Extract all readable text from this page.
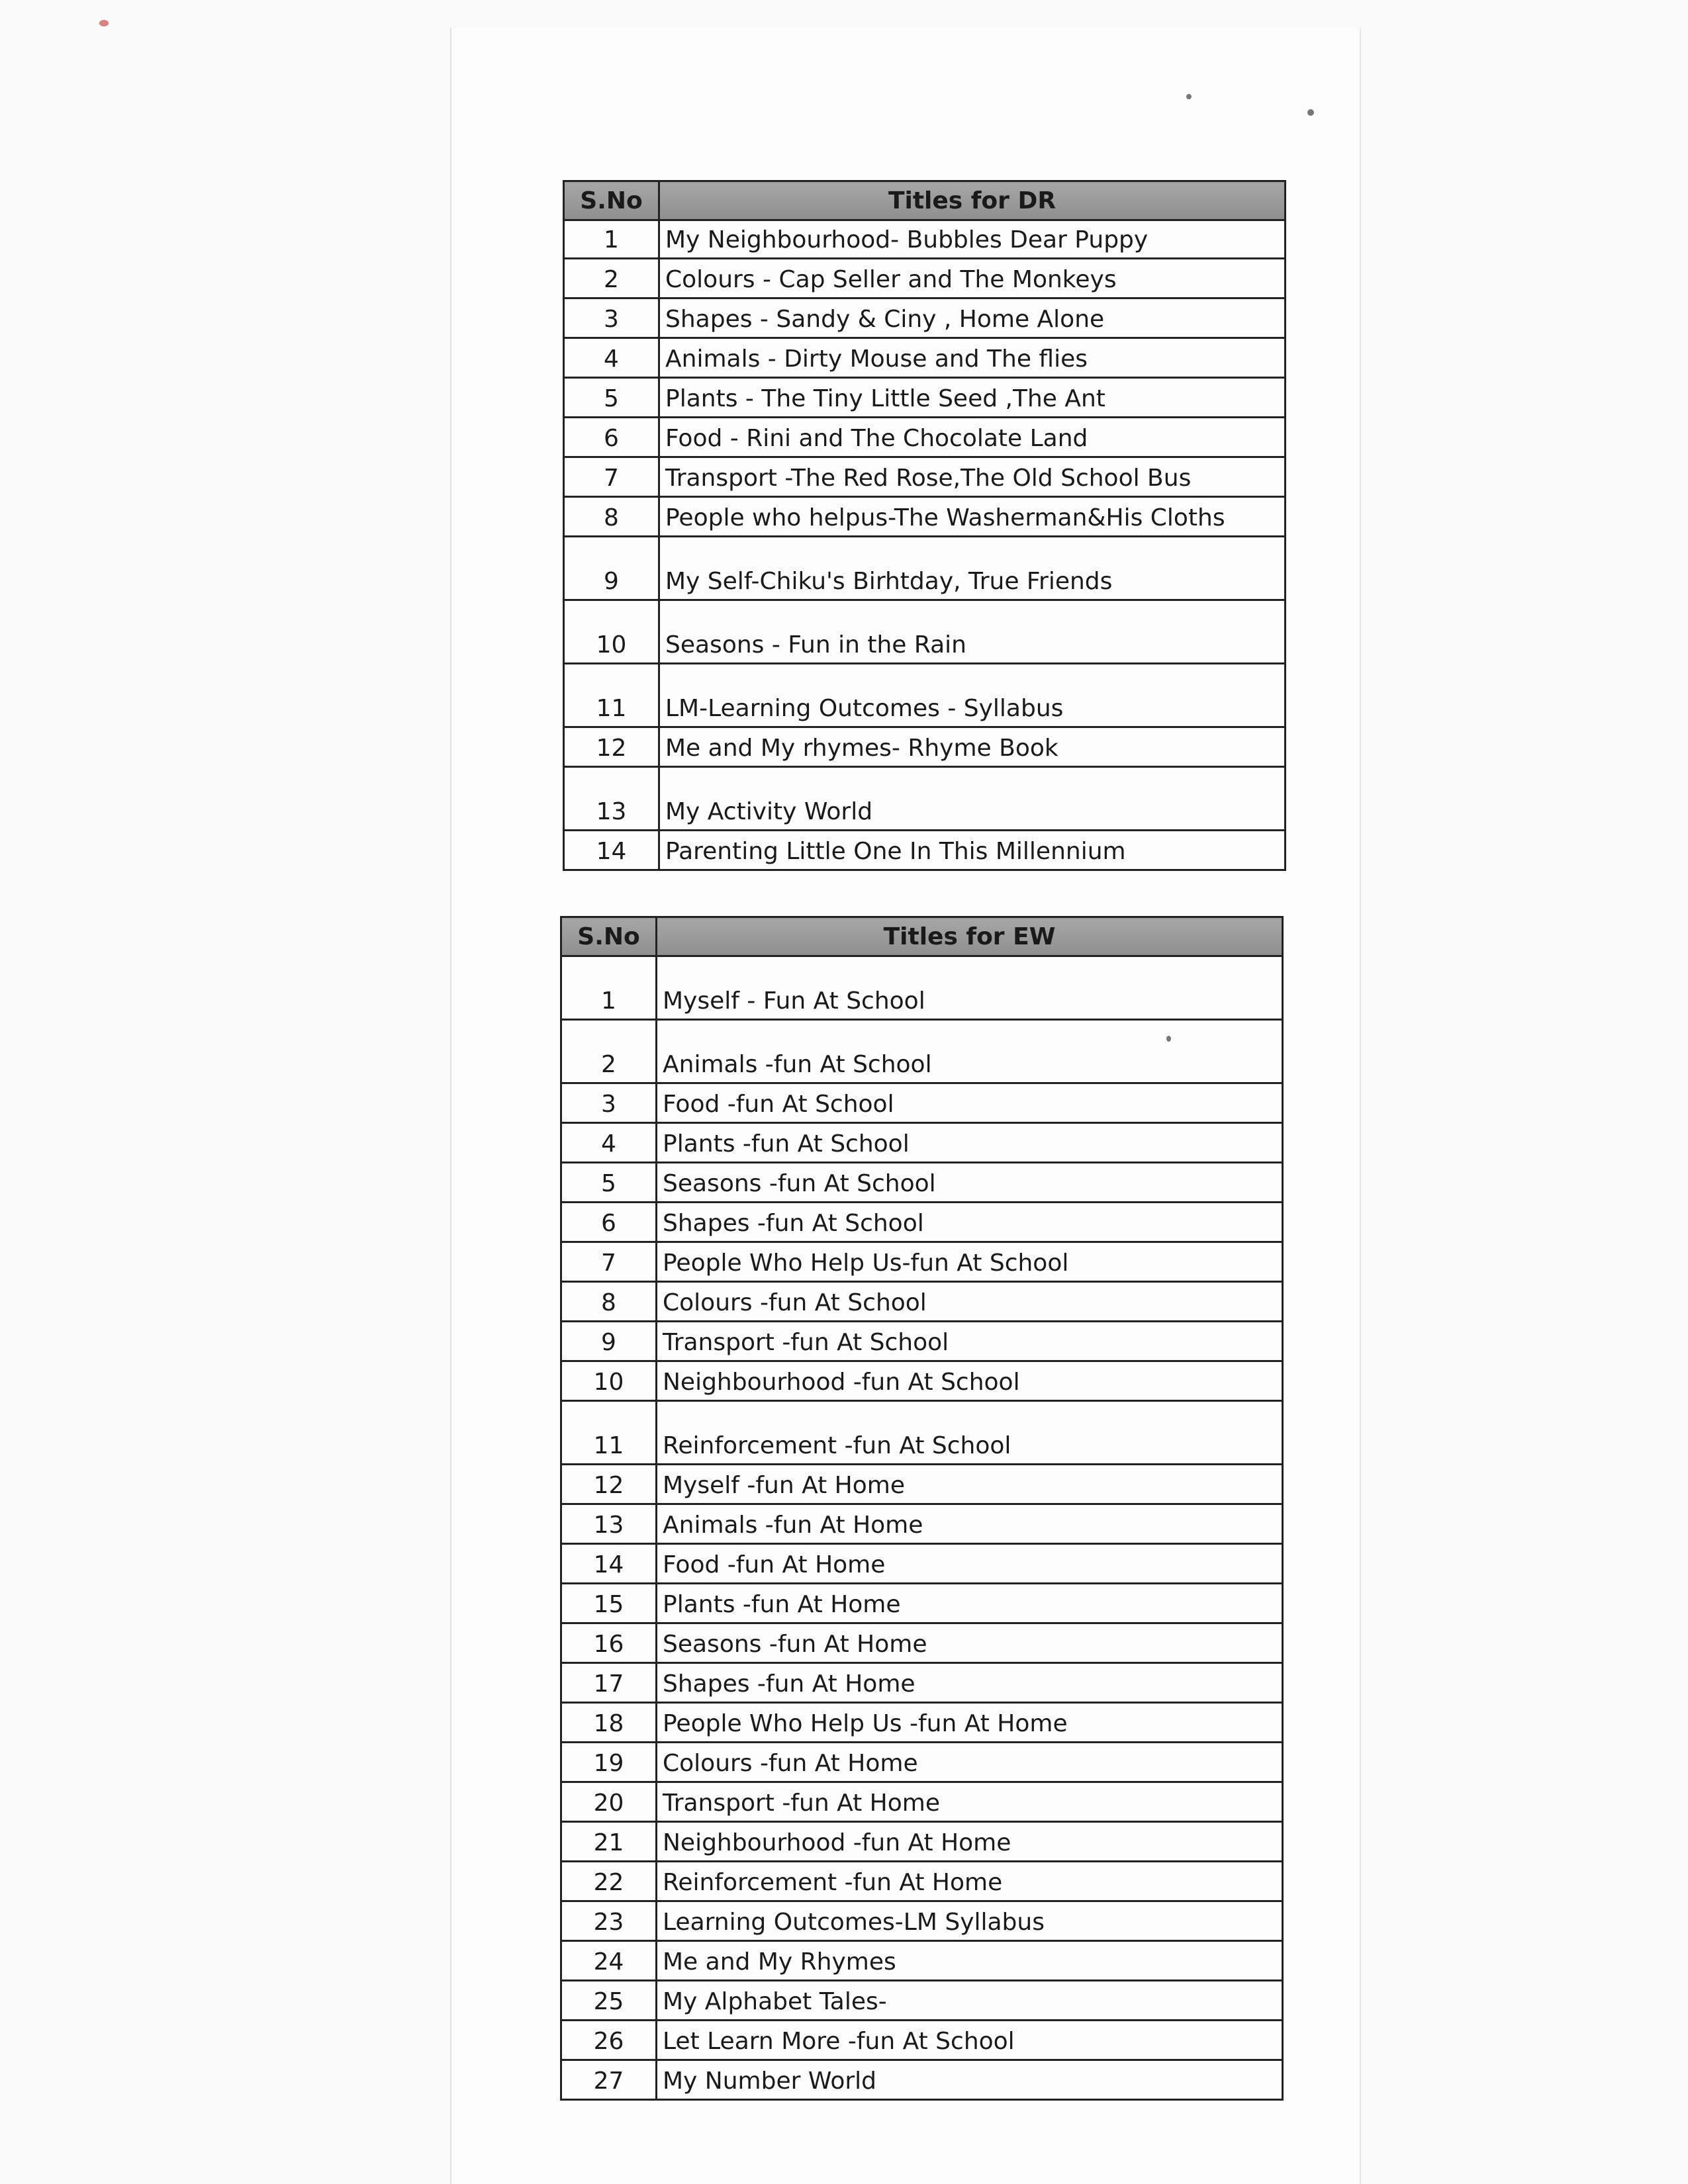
S.No	Titles for DR
1	My Neighbourhood- Bubbles Dear Puppy
2	Colours - Cap Seller and The Monkeys
3	Shapes - Sandy & Ciny , Home Alone
4	Animals - Dirty Mouse and The flies
5	Plants - The Tiny Little Seed ,The Ant
6	Food - Rini and The Chocolate Land
7	Transport -The Red Rose,The Old School Bus
8	People who helpus-The Washerman&His Cloths
9	My Self-Chiku's Birhtday, True Friends
10	Seasons - Fun in the Rain
11	LM-Learning Outcomes - Syllabus
12	Me and My rhymes- Rhyme Book
13	My Activity World
14	Parenting Little One In This Millennium
S.No	Titles for EW
1	Myself - Fun At School
2	Animals -fun At School
3	Food -fun At School
4	Plants -fun At School
5	Seasons -fun At School
6	Shapes -fun At School
7	People Who Help Us-fun At School
8	Colours -fun At School
9	Transport -fun At School
10	Neighbourhood -fun At School
11	Reinforcement -fun At School
12	Myself -fun At Home
13	Animals -fun At Home
14	Food -fun At Home
15	Plants -fun At Home
16	Seasons -fun At Home
17	Shapes -fun At Home
18	People Who Help Us -fun At Home
19	Colours -fun At Home
20	Transport -fun At Home
21	Neighbourhood -fun At Home
22	Reinforcement -fun At Home
23	Learning Outcomes-LM Syllabus
24	Me and My Rhymes
25	My Alphabet Tales-
26	Let Learn More -fun At School
27	My Number World
